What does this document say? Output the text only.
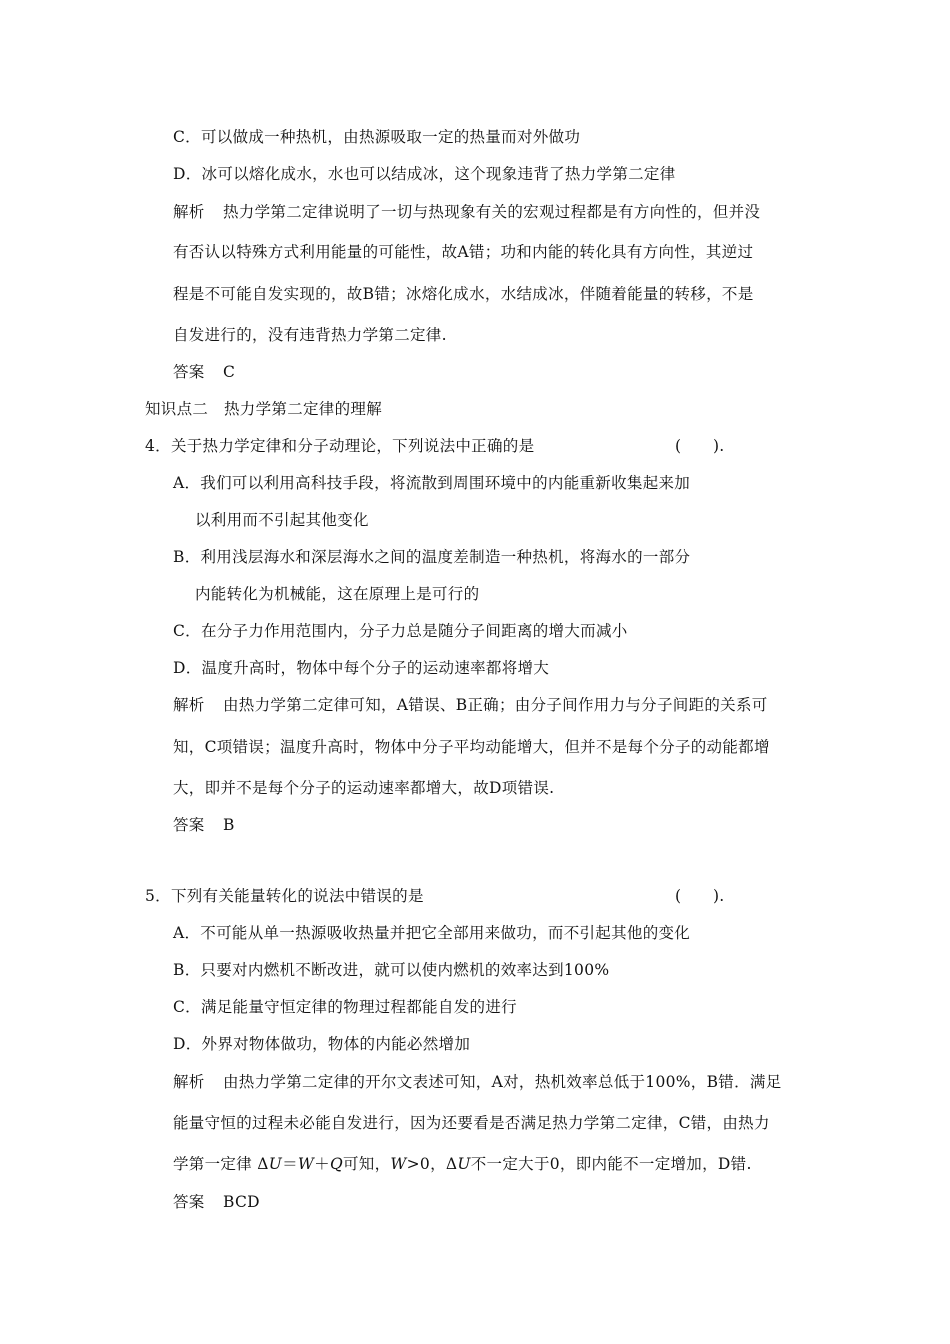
C．可以做成一种热机，由热源吸取一定的热量而对外做功
D．冰可以熔化成水，水也可以结成冰，这个现象违背了热力学第二定律
解析 热力学第二定律说明了一切与热现象有关的宏观过程都是有方向性的，但并没
有否认以特殊方式利用能量的可能性，故A错；功和内能的转化具有方向性，其逆过
程是不可能自发实现的，故B错；冰熔化成水，水结成冰，伴随着能量的转移，不是
自发进行的，没有违背热力学第二定律.
答案 C
知识点二　热力学第二定律的理解
4．关于热力学定律和分子动理论，下列说法中正确的是	(　　).
A．我们可以利用高科技手段，将流散到周围环境中的内能重新收集起来加
以利用而不引起其他变化
B．利用浅层海水和深层海水之间的温度差制造一种热机，将海水的一部分
内能转化为机械能，这在原理上是可行的
C．在分子力作用范围内，分子力总是随分子间距离的增大而减小
D．温度升高时，物体中每个分子的运动速率都将增大
解析 由热力学第二定律可知，A错误、B正确；由分子间作用力与分子间距的关系可
知，C项错误；温度升高时，物体中分子平均动能增大，但并不是每个分子的动能都增
大，即并不是每个分子的运动速率都增大，故D项错误.
答案 B
5．下列有关能量转化的说法中错误的是	(　　).
A．不可能从单一热源吸收热量并把它全部用来做功，而不引起其他的变化
B．只要对内燃机不断改进，就可以使内燃机的效率达到100%
C．满足能量守恒定律的物理过程都能自发的进行
D．外界对物体做功，物体的内能必然增加
解析 由热力学第二定律的开尔文表述可知，A对，热机效率总低于100%，B错．满足
能量守恒的过程未必能自发进行，因为还要看是否满足热力学第二定律，C错，由热力
学第一定律 ΔU＝W＋Q可知，W>0，ΔU不一定大于0，即内能不一定增加，D错.
答案 BCD
